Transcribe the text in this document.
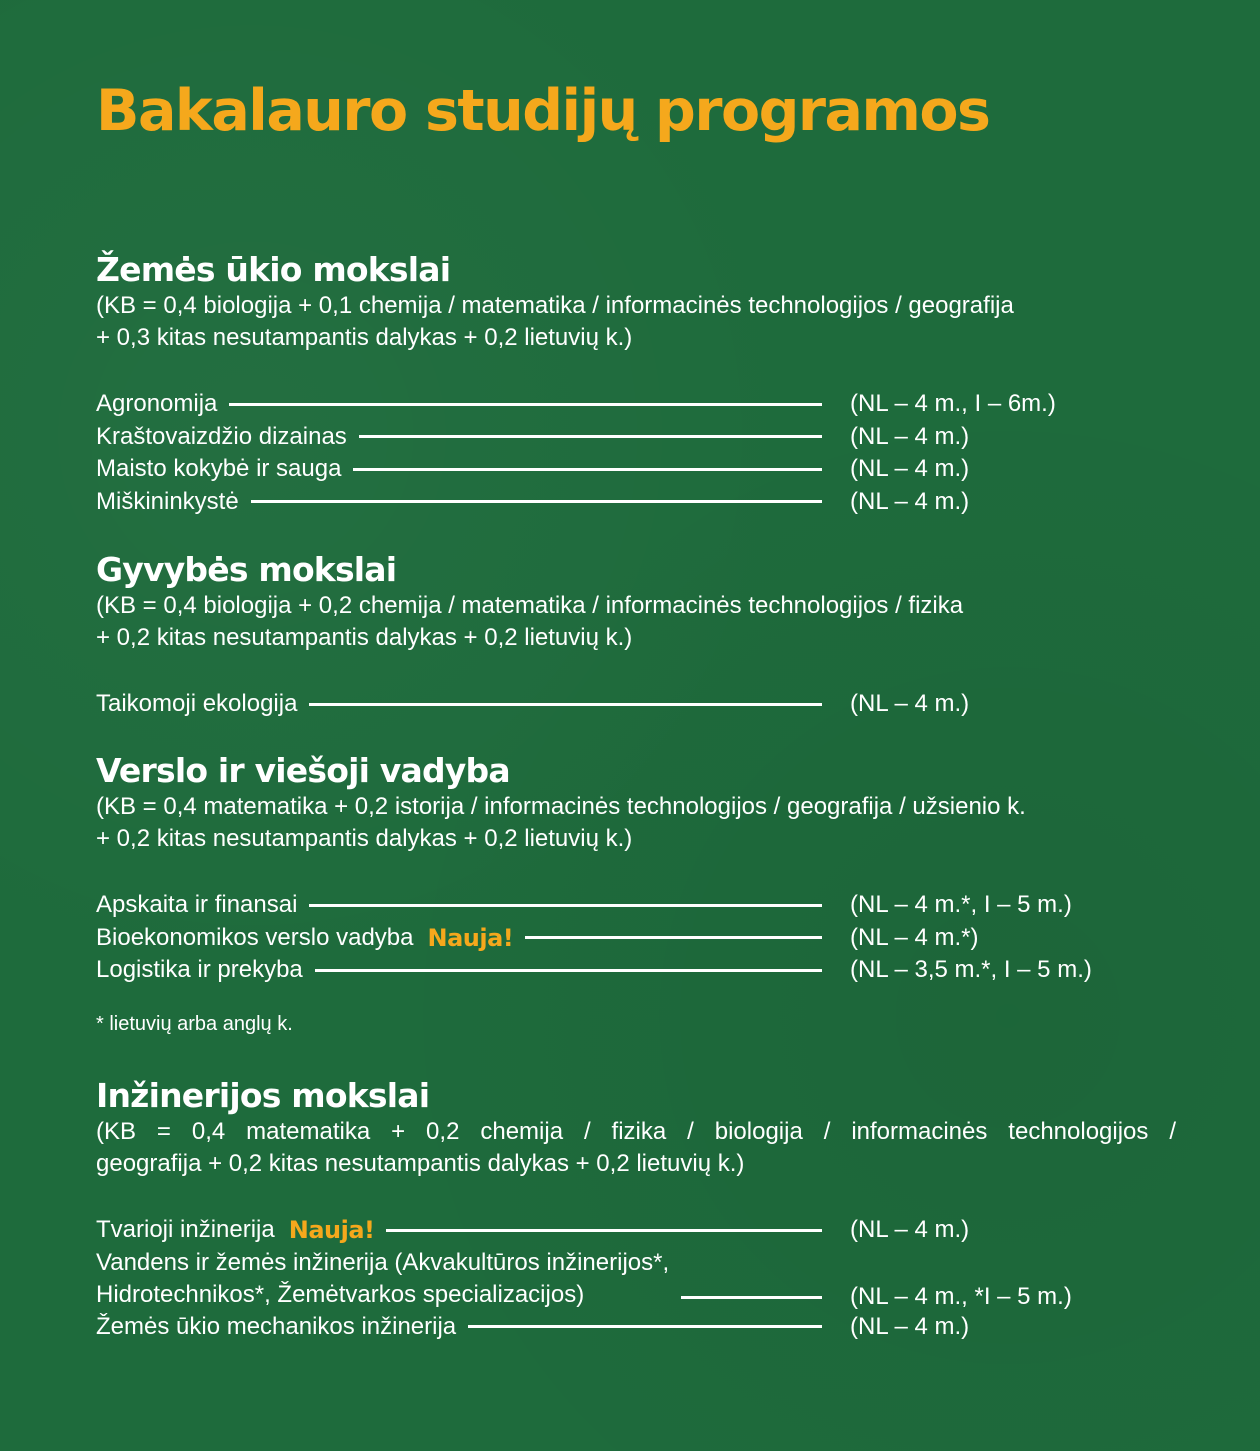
Bakalauro studijų programos
Žemės ūkio mokslai
(KB = 0,4 biologija + 0,1 chemija / matematika / informacinės technologijos / geografija
+ 0,3 kitas nesutampantis dalykas + 0,2 lietuvių k.)
Agronomija	(NL – 4 m., I – 6m.)
Kraštovaizdžio dizainas	(NL – 4 m.)
Maisto kokybė ir sauga	(NL – 4 m.)
Miškininkystė	(NL – 4 m.)
Gyvybės mokslai
(KB = 0,4 biologija + 0,2 chemija / matematika / informacinės technologijos / fizika
+ 0,2 kitas nesutampantis dalykas + 0,2 lietuvių k.)
Taikomoji ekologija	(NL – 4 m.)
Verslo ir viešoji vadyba
(KB = 0,4 matematika + 0,2 istorija / informacinės technologijos / geografija / užsienio k.
+ 0,2 kitas nesutampantis dalykas + 0,2 lietuvių k.)
Apskaita ir finansai	(NL – 4 m.*, I – 5 m.)
Bioekonomikos verslo vadyba Nauja!	(NL – 4 m.*)
Logistika ir prekyba	(NL – 3,5 m.*, I – 5 m.)
* lietuvių arba anglų k.
Inžinerijos mokslai
(KB = 0,4 matematika + 0,2 chemija / fizika / biologija / informacinės technologijos /
geografija + 0,2 kitas nesutampantis dalykas + 0,2 lietuvių k.)
Tvarioji inžinerija Nauja!	(NL – 4 m.)
Vandens ir žemės inžinerija (Akvakultūros inžinerijos*,
Hidrotechnikos*, Žemėtvarkos specializacijos)	(NL – 4 m., *I – 5 m.)
Žemės ūkio mechanikos inžinerija	(NL – 4 m.)
